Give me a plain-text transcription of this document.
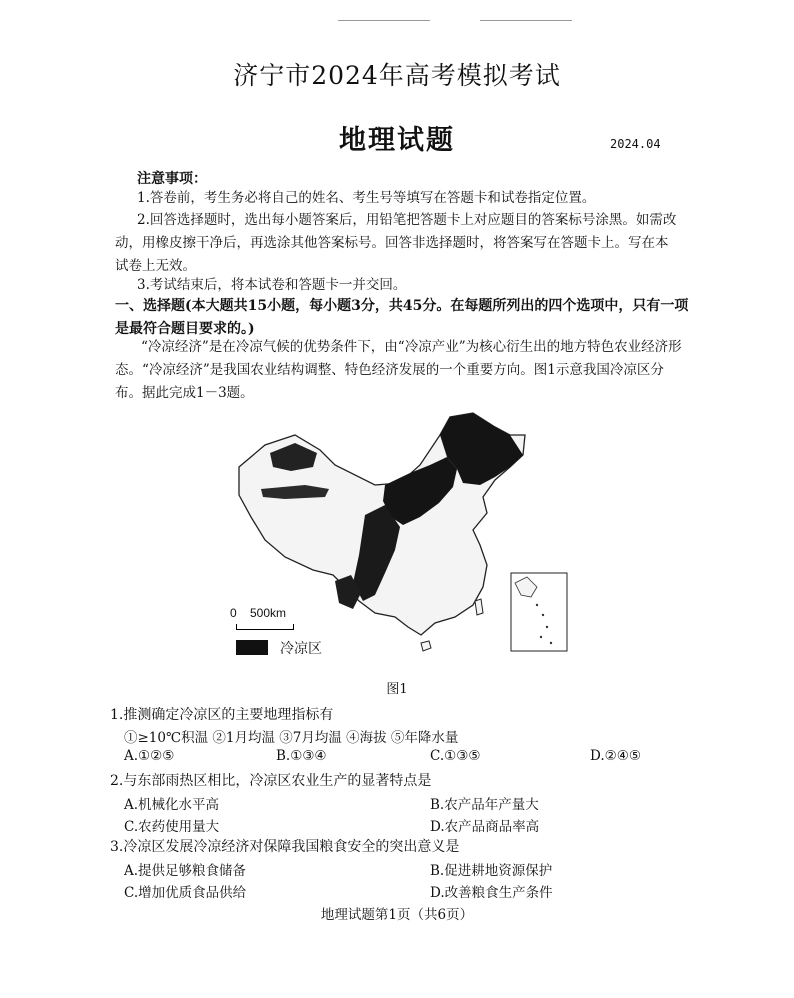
济宁市2024年高考模拟考试
地理试题	2024.04
注意事项：
1.答卷前，考生务必将自己的姓名、考生号等填写在答题卡和试卷指定位置。
2.回答选择题时，选出每小题答案后，用铅笔把答题卡上对应题目的答案标号涂黑。如需改动，用橡皮擦干净后，再选涂其他答案标号。回答非选择题时，将答案写在答题卡上。写在本试卷上无效。
3.考试结束后，将本试卷和答题卡一并交回。
一、选择题(本大题共15小题，每小题3分，共45分。在每题所列出的四个选项中，只有一项是最符合题目要求的。)
“冷凉经济”是在冷凉气候的优势条件下，由“冷凉产业”为核心衍生出的地方特色农业经济形态。“冷凉经济”是我国农业结构调整、特色经济发展的一个重要方向。图1示意我国冷凉区分布。据此完成1－3题。
0    500km
冷凉区
图1
1.推测确定冷凉区的主要地理指标有
①≥10℃积温 ②1月均温 ③7月均温 ④海拔 ⑤年降水量
A.①②⑤	B.①③④	C.①③⑤	D.②④⑤
2.与东部雨热区相比，冷凉区农业生产的显著特点是
A.机械化水平高	B.农产品年产量大
C.农药使用量大	D.农产品商品率高
3.冷凉区发展冷凉经济对保障我国粮食安全的突出意义是
A.提供足够粮食储备	B.促进耕地资源保护
C.增加优质食品供给	D.改善粮食生产条件
地理试题第1页（共6页）
